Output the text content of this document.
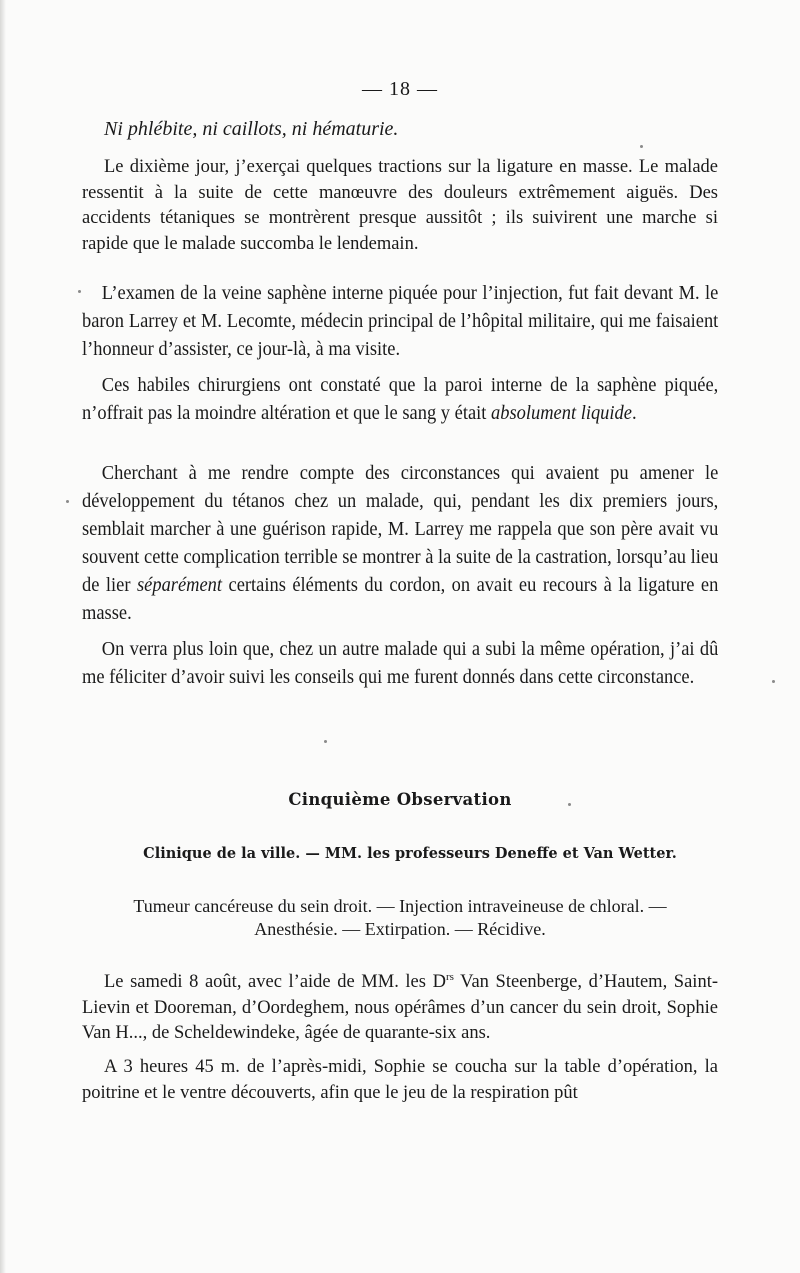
— 18 —
Ni phlébite, ni caillots, ni hématurie.

Le dixième jour, j’exerçai quelques tractions sur la ligature en masse. Le malade ressentit à la suite de cette manœuvre des douleurs extrêmement aiguës. Des accidents tétaniques se montrèrent presque aussitôt ; ils suivirent une marche si rapide que le malade succomba le lendemain.

L’examen de la veine saphène interne piquée pour l’injection, fut fait devant M. le baron Larrey et M. Lecomte, médecin principal de l’hôpital militaire, qui me faisaient l’honneur d’assister, ce jour-là, à ma visite.

Ces habiles chirurgiens ont constaté que la paroi interne de la saphène piquée, n’offrait pas la moindre altération et que le sang y était absolument liquide.

Cherchant à me rendre compte des circonstances qui avaient pu amener le développement du tétanos chez un malade, qui, pendant les dix premiers jours, semblait marcher à une guérison rapide, M. Larrey me rappela que son père avait vu souvent cette complication terrible se montrer à la suite de la castration, lorsqu’au lieu de lier séparément certains éléments du cordon, on avait eu recours à la ligature en masse.

On verra plus loin que, chez un autre malade qui a subi la même opération, j’ai dû me féliciter d’avoir suivi les conseils qui me furent donnés dans cette circonstance.

Cinquième Observation
Clinique de la ville. — MM. les professeurs Deneffe et Van Wetter.
Tumeur cancéreuse du sein droit. — Injection intraveineuse de chloral. —
Anesthésie. — Extirpation. — Récidive.

Le samedi 8 août, avec l’aide de MM. les $D^{rs}$ Van Steenberge, d’Hautem, Saint-Lievin et Dooreman, d’Oordeghem, nous opérâmes d’un cancer du sein droit, Sophie Van H..., de Scheldewindeke, âgée de quarante-six ans.

A 3 heures 45 m. de l’après-midi, Sophie se coucha sur la table d’opération, la poitrine et le ventre découverts, afin que le jeu de la respiration pût
